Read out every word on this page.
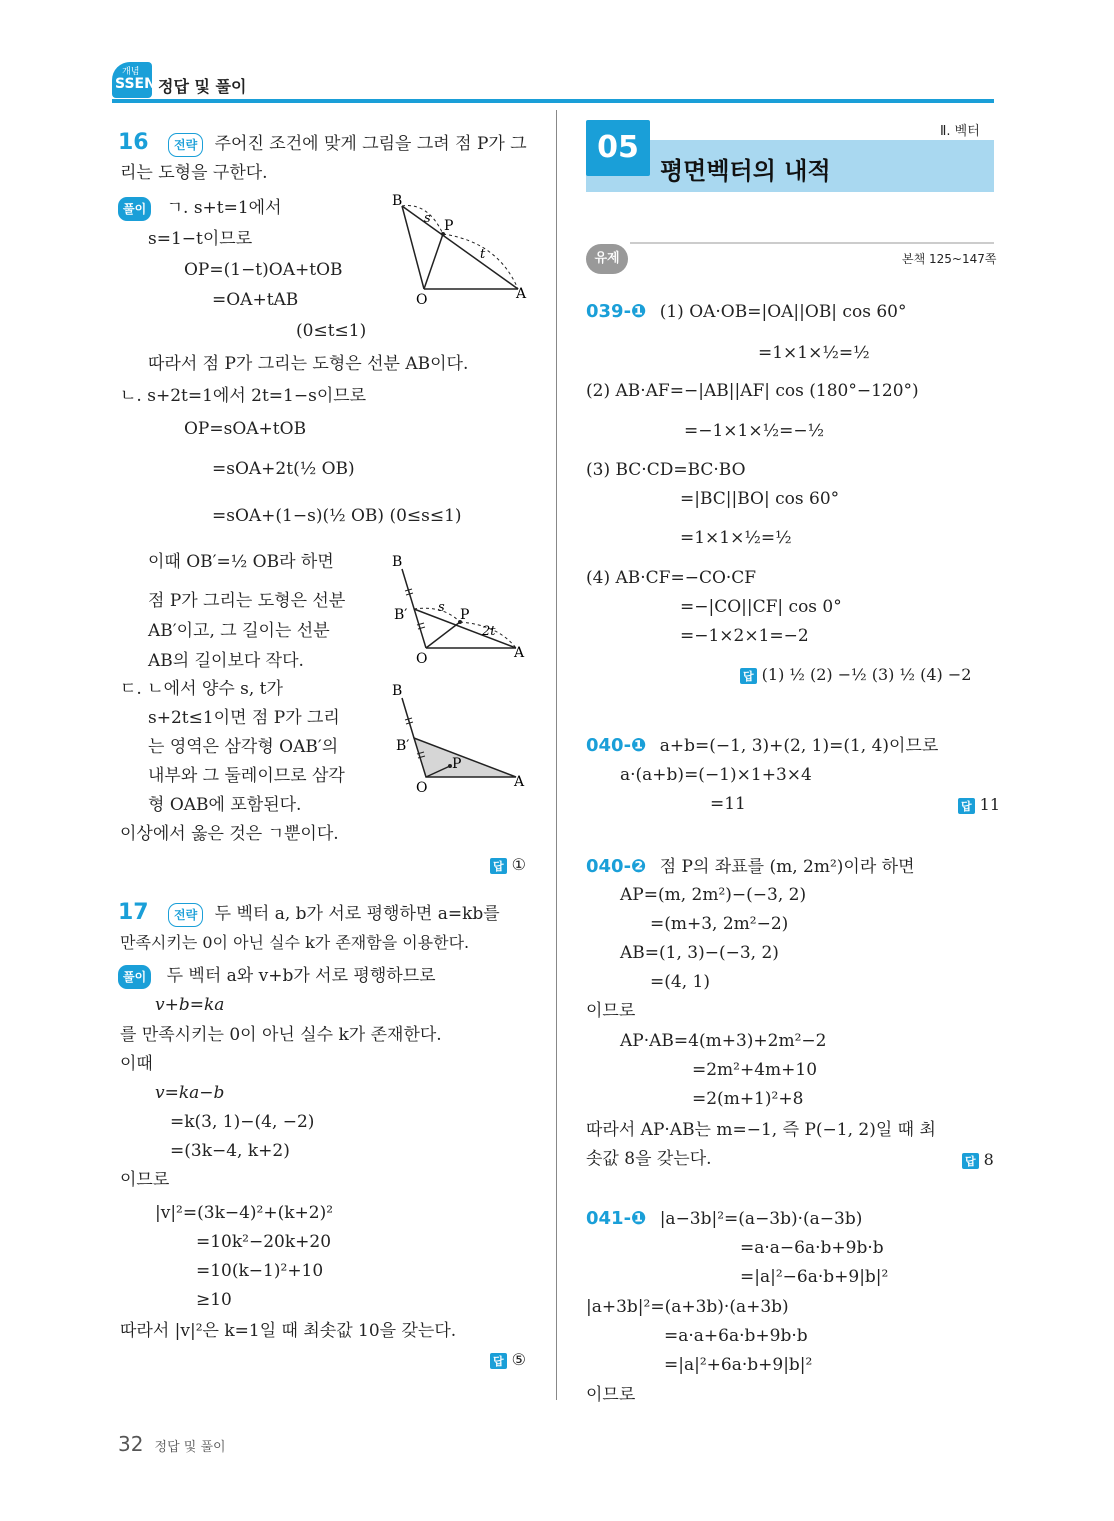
개념
SSEN 정답 및 풀이
16 전략 주어진 조건에 맞게 그림을 그려 점 P가 그
리는 도형을 구한다.
풀이 ㄱ. s+t=1에서
s=1−t이므로
OP=(1−t)OA+tOB
=OA+tAB
(0≤t≤1)
따라서 점 P가 그리는 도형은 선분 AB이다.
ㄴ. s+2t=1에서 2t=1−s이므로
OP=sOA+tOB
=sOA+2t(½ OB)
=sOA+(1−s)(½ OB) (0≤s≤1)
이때 OB′=½ OB라 하면
점 P가 그리는 도형은 선분
AB′이고, 그 길이는 선분
AB의 길이보다 작다.
ㄷ. ㄴ에서 양수 s, t가
s+2t≤1이면 점 P가 그리
는 영역은 삼각형 OAB′의
내부와 그 둘레이므로 삼각
형 OAB에 포함된다.
이상에서 옳은 것은 ㄱ뿐이다.
답 ①
B
s P
t
O	A
B
B′ s P
2t
O	A
B
B′
P
O	A
17 전략 두 벡터 a, b가 서로 평행하면 a=kb를
만족시키는 0이 아닌 실수 k가 존재함을 이용한다.
풀이 두 벡터 a와 v+b가 서로 평행하므로
v+b=ka
를 만족시키는 0이 아닌 실수 k가 존재한다.
이때
v=ka−b
=k(3, 1)−(4, −2)
=(3k−4, k+2)
이므로
|v|²=(3k−4)²+(k+2)²
=10k²−20k+20
=10(k−1)²+10
≥10
따라서 |v|²은 k=1일 때 최솟값 10을 갖는다.
답 ⑤
32 정답 및 풀이
Ⅱ. 벡터
05
평면벡터의 내적
유제	본책 125~147쪽
039-❶ (1) OA·OB=|OA||OB| cos 60°
=1×1×½=½
(2) AB·AF=−|AB||AF| cos (180°−120°)
=−1×1×½=−½
(3) BC·CD=BC·BO
=|BC||BO| cos 60°
=1×1×½=½
(4) AB·CF=−CO·CF
=−|CO||CF| cos 0°
=−1×2×1=−2
답 (1) ½ (2) −½ (3) ½ (4) −2
040-❶ a+b=(−1, 3)+(2, 1)=(1, 4)이므로
a·(a+b)=(−1)×1+3×4
=11	답 11
040-❷ 점 P의 좌표를 (m, 2m²)이라 하면
AP=(m, 2m²)−(−3, 2)
=(m+3, 2m²−2)
AB=(1, 3)−(−3, 2)
=(4, 1)
이므로
AP·AB=4(m+3)+2m²−2
=2m²+4m+10
=2(m+1)²+8
따라서 AP·AB는 m=−1, 즉 P(−1, 2)일 때 최
솟값 8을 갖는다.	답 8
041-❶ |a−3b|²=(a−3b)·(a−3b)
=a·a−6a·b+9b·b
=|a|²−6a·b+9|b|²
|a+3b|²=(a+3b)·(a+3b)
=a·a+6a·b+9b·b
=|a|²+6a·b+9|b|²
이므로
